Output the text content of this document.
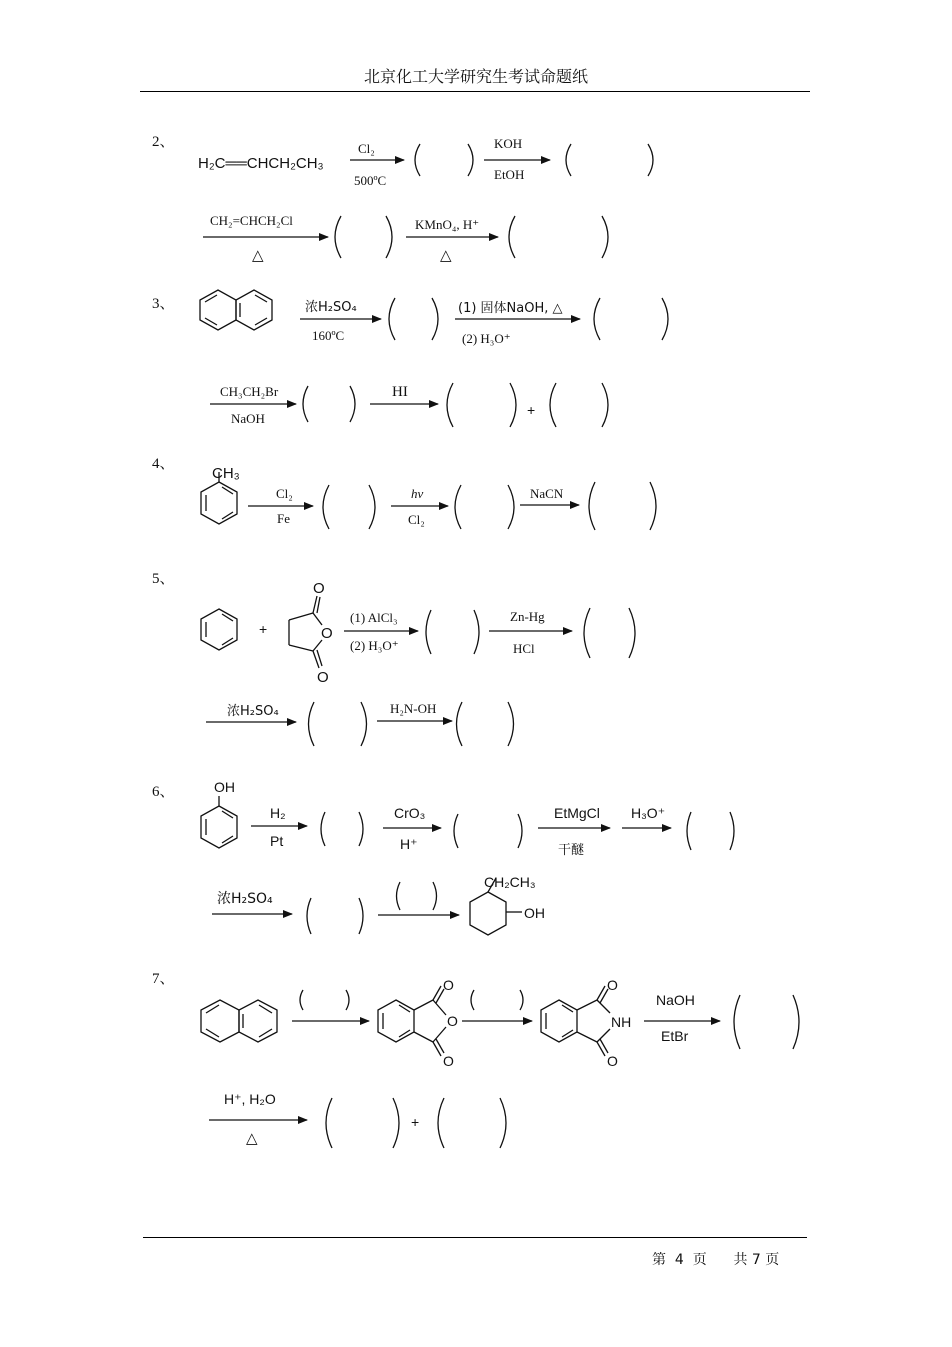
北京化工大学研究生考试命题纸
2、
H₂C══CHCH₂CH₃
Cl₂
500ºC
KOH
EtOH
CH₂=CHCH₂Cl
△
KMnO₄, H⁺
△
3、	浓H₂SO₄
160ºC
(1) 固体NaOH, △
(2) H₃O⁺
CH₃CH₂Br
NaOH
HI
+
4、
CH₃
Cl₂
Fe
hv
Cl₂
NaCN
5、
+
O
O
O
(1) AlCl₃
(2) H₃O⁺
Zn-Hg
HCl
浓H₂SO₄	H₂N-OH
6、	OH
H₂
Pt
CrO₃
H⁺
EtMgCl
干醚
H₃O⁺
浓H₂SO₄
CH₂CH₃
OH
7、	O
O
O
O
NH
O
NaOH
EtBr
H⁺, H₂O
△
+
第 4 页 共 7 页
